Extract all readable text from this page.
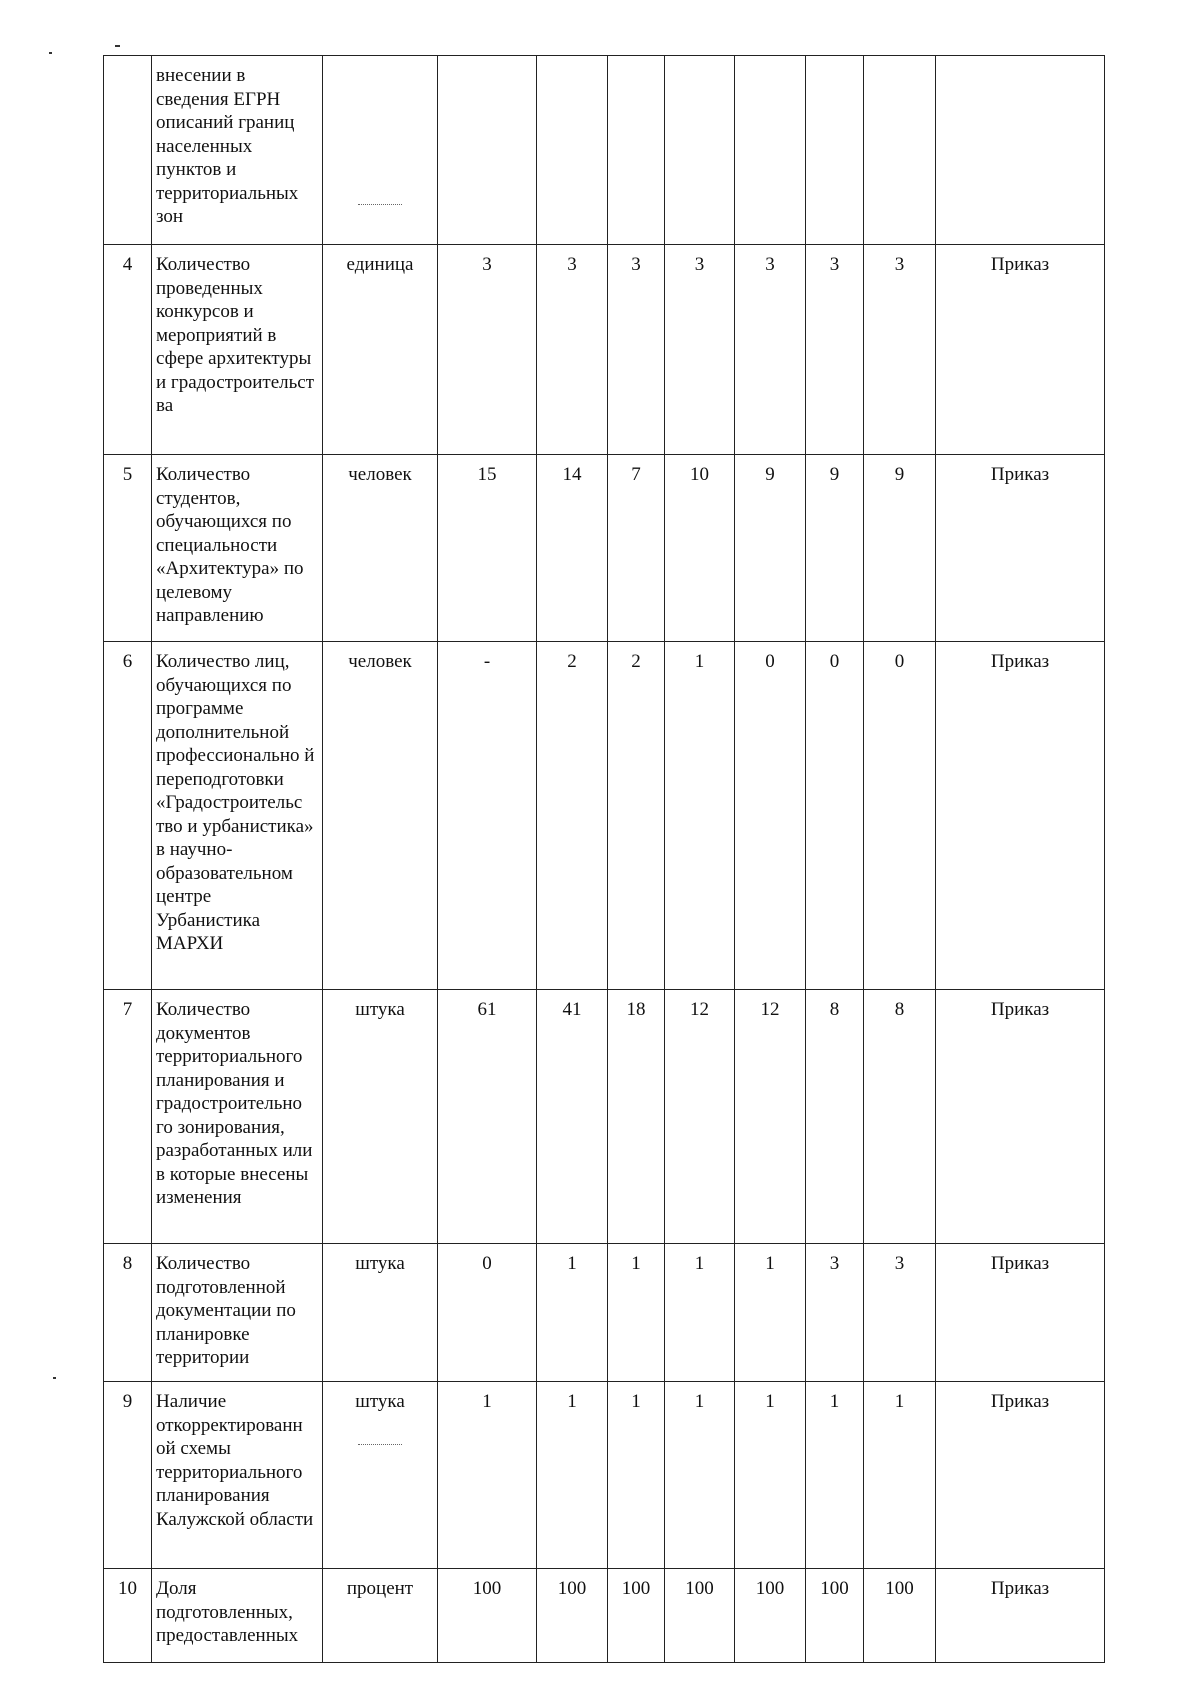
	внесении в сведения ЕГРН описаний границ населенных пунктов и территориальных зон	

4	Количество проведенных конкурсов и мероприятий в сфере архитектуры и градостроительст ва	единица	3	3	3	3	3	3	3	Приказ
5	Количество студентов, обучающихся по специальности «Архитектура» по целевому направлению	человек	15	14	7	10	9	9	9	Приказ
6	Количество лиц, обучающихся по программе дополнительной профессионально й переподготовки «Градостроительс тво и урбанистика» в научно-образовательном центре Урбанистика МАРХИ	человек	-	2	2	1	0	0	0	Приказ
7	Количество документов территориального планирования и градостроительно го зонирования, разработанных или в которые внесены изменения	штука	61	41	18	12	12	8	8	Приказ
8	Количество подготовленной документации по планировке территории	штука	0	1	1	1	1	3	3	Приказ
9	Наличие откорректированн ой схемы территориального планирования Калужской области	штука	1	1	1	1	1	1	1	Приказ
10	Доля подготовленных, предоставленных	процент	100	100	100	100	100	100	100	Приказ
